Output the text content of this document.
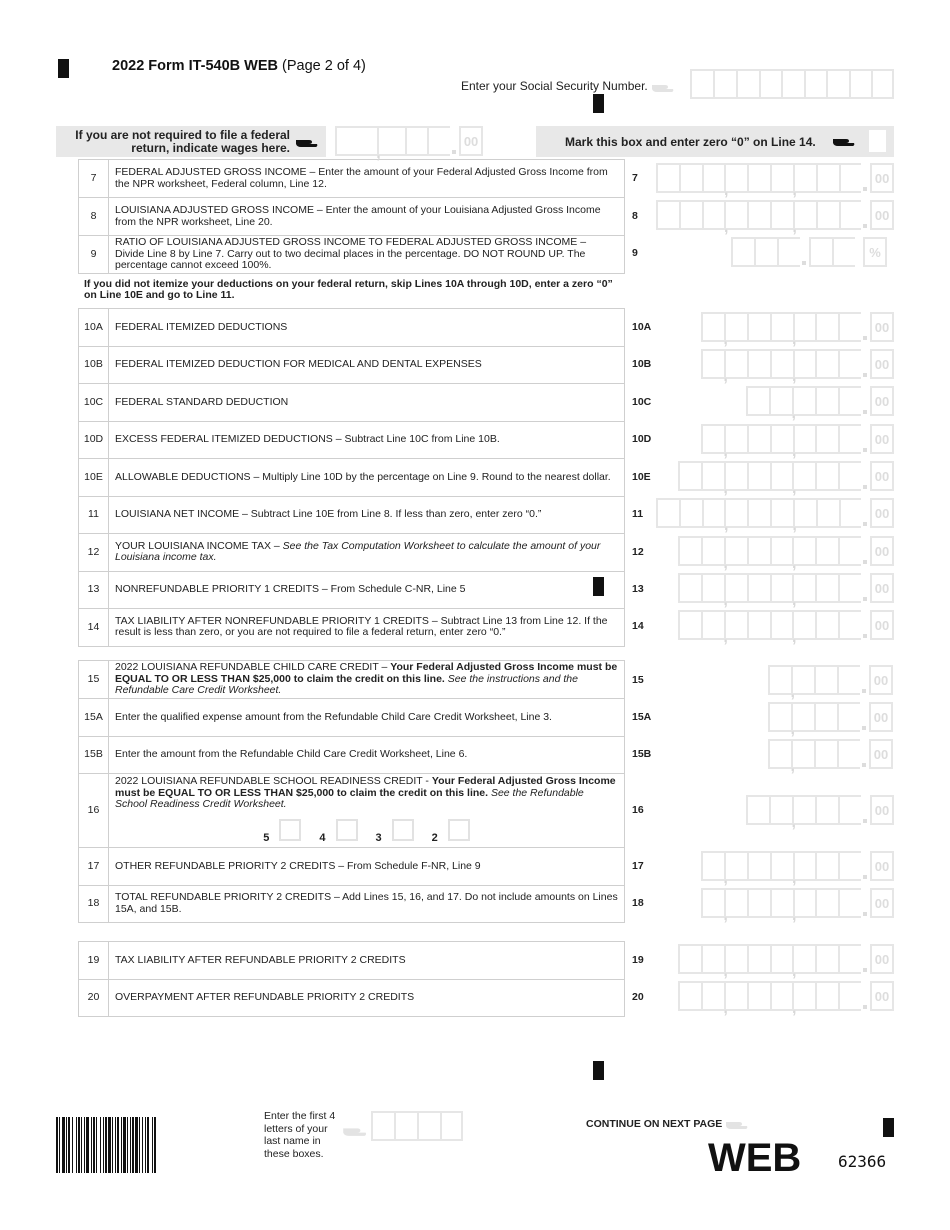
2022 Form IT-540B WEB (Page 2 of 4)
Enter your Social Security Number.
If you are not required to file a federal
return, indicate wages here.
,	00	Mark this box and enter zero “0” on Line 14.
7	FEDERAL ADJUSTED GROSS INCOME – Enter the amount of your Federal Adjusted Gross Income from the NPR worksheet, Federal column, Line 12.
8	LOUISIANA ADJUSTED GROSS INCOME – Enter the amount of your Louisiana Adjusted Gross Income from the NPR worksheet, Line 20.
9
RATIO OF LOUISIANA ADJUSTED GROSS INCOME TO FEDERAL ADJUSTED GROSS INCOME – Divide Line 8 by Line 7. Carry out to two decimal places in the percentage. DO NOT ROUND UP. The percentage cannot exceed 100%.
7
8
9
If you did not itemize your deductions on your federal return, skip Lines 10A through 10D, enter a zero “0” on Line 10E and go to Line 11.
10A	FEDERAL ITEMIZED DEDUCTIONS
10B	FEDERAL ITEMIZED DEDUCTION FOR MEDICAL AND DENTAL EXPENSES
10C	FEDERAL STANDARD DEDUCTION
10D	EXCESS FEDERAL ITEMIZED DEDUCTIONS – Subtract Line 10C from Line 10B.
10E	ALLOWABLE DEDUCTIONS – Multiply Line 10D by the percentage on Line 9. Round to the nearest dollar.
11	LOUISIANA NET INCOME – Subtract Line 10E from Line 8. If less than zero, enter zero “0.”
12	YOUR LOUISIANA INCOME TAX – See the Tax Computation Worksheet to calculate the amount of your Louisiana income tax.
13	NONREFUNDABLE PRIORITY 1 CREDITS – From Schedule C-NR, Line 5
14	TAX LIABILITY AFTER NONREFUNDABLE PRIORITY 1 CREDITS – Subtract Line 13 from Line 12. If the result is less than zero, or you are not required to file a federal return, enter zero “0.”
10A
10B
10C
10D
10E
11
12
13
14
15
2022 LOUISIANA REFUNDABLE CHILD CARE CREDIT – Your Federal Adjusted Gross Income must be EQUAL TO OR LESS THAN $25,000 to claim the credit on this line. See the instructions and the Refundable Care Credit Worksheet.
15A	Enter the qualified expense amount from the Refundable Child Care Credit Worksheet, Line 3.
15B	Enter the amount from the Refundable Child Care Credit Worksheet, Line 6.
16
2022 LOUISIANA REFUNDABLE SCHOOL READINESS CREDIT - Your Federal Adjusted Gross Income must be EQUAL TO OR LESS THAN $25,000 to claim the credit on this line. See the Refundable School Readiness Credit Worksheet.
5	4	3	2
17	OTHER REFUNDABLE PRIORITY 2 CREDITS – From Schedule F-NR, Line 9
18	TOTAL REFUNDABLE PRIORITY 2 CREDITS – Add Lines 15, 16, and 17. Do not include amounts on Lines 15A, and 15B.
15
15A
15B
16
17
18
19	TAX LIABILITY AFTER REFUNDABLE PRIORITY 2 CREDITS
20	OVERPAYMENT AFTER REFUNDABLE PRIORITY 2 CREDITS
19
20
,
,
00
,
,
00
%
,
,
00
,
,
00
,
00
,
,
00
,
,
00
,
,
00
,
,
00
,
,
00
,
,
00
,
00
,
00
,
00
,
00
,
,
00
,
,
00
,
,
00
,
,
00
Enter the first 4 letters of your last name in these boxes.
CONTINUE ON NEXT PAGE
WEB 62366
